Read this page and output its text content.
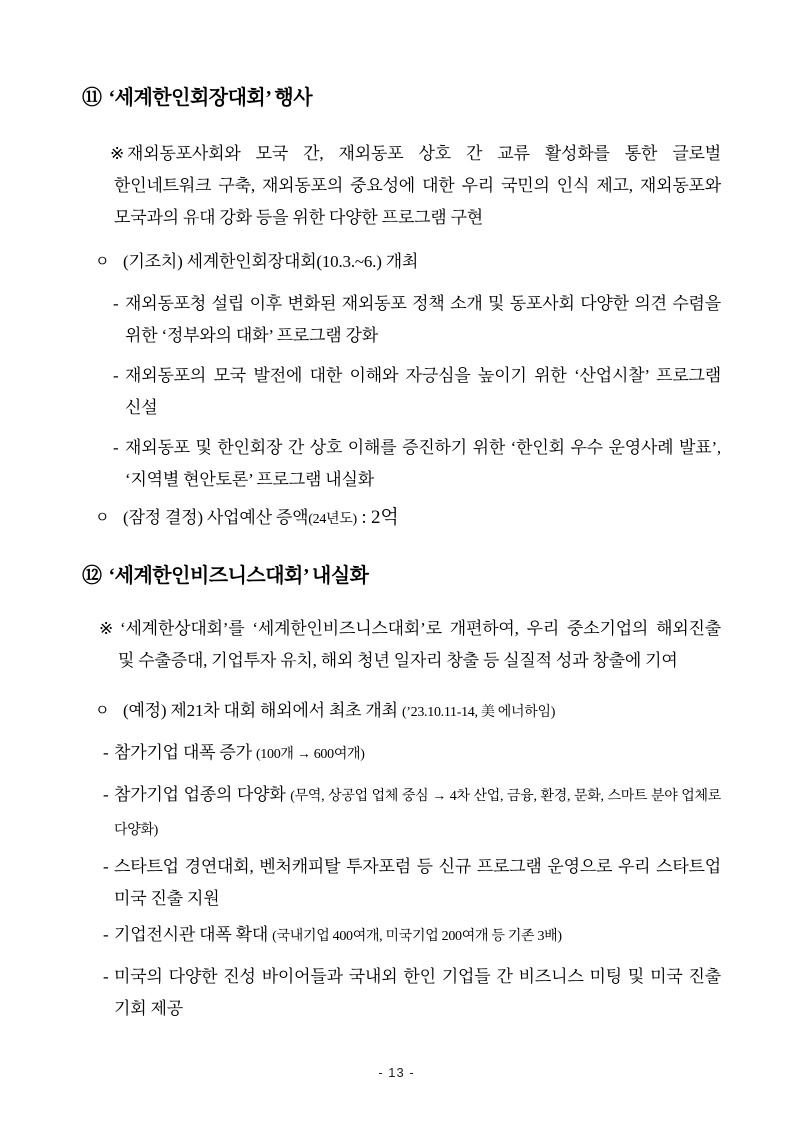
⑪ ‘세계한인회장대회’ 행사
※ 재외동포사회와 모국 간, 재외동포 상호 간 교류 활성화를 통한 글로벌 한인네트워크 구축, 재외동포의 중요성에 대한 우리 국민의 인식 제고, 재외동포와 모국과의 유대 강화 등을 위한 다양한 프로그램 구현
ㅇ (기조치) 세계한인회장대회(10.3.~6.) 개최
- 재외동포청 설립 이후 변화된 재외동포 정책 소개 및 동포사회 다양한 의견 수렴을 위한 ‘정부와의 대화’ 프로그램 강화
- 재외동포의 모국 발전에 대한 이해와 자긍심을 높이기 위한 ‘산업시찰’ 프로그램 신설
- 재외동포 및 한인회장 간 상호 이해를 증진하기 위한 ‘한인회 우수 운영사례 발표’, ‘지역별 현안토론’ 프로그램 내실화
ㅇ (잠정 결정) 사업예산 증액(24년도) : 2억
⑫ ‘세계한인비즈니스대회’ 내실화
※ ‘세계한상대회’를 ‘세계한인비즈니스대회’로 개편하여, 우리 중소기업의 해외진출 및 수출증대, 기업투자 유치, 해외 청년 일자리 창출 등 실질적 성과 창출에 기여
ㅇ (예정) 제21차 대회 해외에서 최초 개최 (’23.10.11-14, 美 에너하임)
- 참가기업 대폭 증가 (100개 → 600여개)
- 참가기업 업종의 다양화 (무역, 상공업 업체 중심 → 4차 산업, 금융, 환경, 문화, 스마트 분야 업체로 다양화)
- 스타트업 경연대회, 벤처캐피탈 투자포럼 등 신규 프로그램 운영으로 우리 스타트업 미국 진출 지원
- 기업전시관 대폭 확대 (국내기업 400여개, 미국기업 200여개 등 기존 3배)
- 미국의 다양한 진성 바이어들과 국내외 한인 기업들 간 비즈니스 미팅 및 미국 진출 기회 제공
- 13 -
